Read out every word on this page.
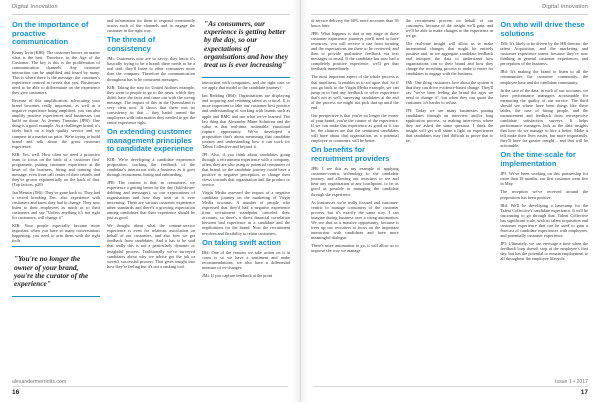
Digital Innovation
On the importance of proactive communication

Kenny Irvin (KIR): The customer knows no matter what is the best. Therefore, in the Age of the Customer. The key is this is the proliferation of communication channels. Any customer interaction can be amplified and heard by many. This is where there is the message: the customer's experience centred in tweets that you. Businesses need to be able to differentiate on the experience they give customers.

Because of this amplification, advocating your brand becomes really important, as well as a negative experience being amplified, you can also amplify positive experiences and businesses can build on those. As Jeremy Timmins (JPR): One thing is a good example. As a challenger brand, it's fairly built on a high quality service and we compete in a market on price. We're trying to build brand and talk about the great customer experience.

KIR: Yes, well. How often we need a proactive team to focus on the back of a 'customer first' programme, putting customer experience at the heart of the business, hiring and training that message, even from call center of their rebirth, and they've grown exponentially on the back of that. (Top factors, p20)

Jan Mensin (JMi): They've gone back to. They had a record breaking Dec. also experience with customers and knew they had to change. They now listen to their employees as much as to their customers and say "Unless anything it's not right for customers, will change it".

KIR: Your people especially become more important when you have so many conversations happening, you need to arm them with the right tools

"You're no longer the owner of your brand, you're the curator of the experience"

and information for them to respond consistently across each of the channels and to engage the customer in the right way.

The thread of consistency

JMi: Customers now are so savvy, they know it's basically trying to be a brand; there needs to be a real trail, they'll listen to other consumers more than the company. Therefore the communication throughout has to be consistent messages.

KIR: Taking the step for United Airlines example, they went to people to go to the news, which they didn't have the facts and came out with the wrong message. The impact of this in the Queensland is very clear now. It shows that there was no consistency in that – they hadn't armed the employees with information they needed to get the entire experience right.

On extending customer management principles to candidate experience

KIR: We're developing a candidate experience proposition, tracking the feedback of the candidate's interaction with a business as it goes through recruitment, hiring and onboarding.

JPR: The content is that, as consumers, we experience a getting better by the day (fold-down-dobbing and messages), so our expectations of organisations and how they treat us is ever increasing. There are various customer experience other standards and there's a growing expectation among candidates that their experience should be just as good.

We thought about what the content-service experience is even for relations association on behalf of our customers, and also how we get feedback from candidates. And it has to be said that really this is not a particularly dynamic or insightful process. Traditionally we've surveyed candidates about why we advise get the job or weren't successful process. That gives insight into how they're feeling but it's not a ranking tool.

"As consumers, our experience is getting better by the day, so our expectations of organisations and how they treat us is ever increasing"

interaction with companies, and the right care so we apply that model to the candidate journey?

Ian Redding (IRd): Organisations are displaying and acquiring and retaining talent as critical. It is more important to take our customer best practice and understanding of working with brands such as apple and BMC and use what we've learned. The last thing that Alexander Mann Solutions and the value is that real-time, actionable, emotional capture opportunity. We've developed a proposition that's about measuring that candidate journey and understanding how it can work for Talent Collective and beyond it.

JPI: Also, if you think about candidates going through a recruitment experience with a company, often, they are also using or potential consumers of that brand, so the candidate journey could have a positive or negative perception, or change their views towards that organisation and the product or service.

Virgin Media assessed the impact of a negative candidate journey on the marketing of Virgin Media accounts. A number of people who expressed that they'd had a negative experience from recruitment standpoint canceled their accounts, so there's a direct financial correlation between bad experience as a candidate and the implications for the brand. Now the recruitment revolves and flexibility to retain customers.

On taking swift action

IRd: One of the reasons we take action on it in cases is so we have a sentiment and make recommendations, we also have a differential measure of ex-changes.

JMi: If you capture feedback at the point

16
alexandermerriotts.com
Digital Innovation

of service delivery the 60% more accounts than 36 hours later.

JPR: What happens is that at any stage in those customer experience journeys you'll need to have resources, you will receive a rise from forming and the expectations are there to be reviewed; and then to provide qualitative feedback via text messages or email. If the candidate has now had a completely positive experience, we'll get that feedback immediately.

The most important aspect of the whole process is that timeliness. It enables us to act upon that. So if you go back to the Virgin Media example, we can jump in to find any feedback to solve experience that's not as well, surveying candidates at the end of the process we might not pick that up until the end.

Our perspective is that you're no longer the owner of your brand, you're the curator of the experience. If we can make that experience as good as it can be, the chances are that the sentiment candidates will have about that organisation, as a potential employee or consumer, will be better.

On benefits for recruitment providers

JPR: I see this as my example of applying customer-centric technology to the candidate journey, and allowing our recruiters to see and hear any organisation at any touchpoint, to be as good as possible in managing the candidate through the experience.

As businesses we're really focused and customer-centric to manage consumers of the customer process, but it's exactly the same way. I can imagine during business over a rising automation. We see that as a massive opportunity, because it frees up our recruiters at focus on the important interaction with candidates and have more meaningful dialogue.

There's more automation to go, it will allow us to improve the way we manage

the recruitment process on behalf of our customers, because of the insight we'll gain, and we'll be able to make changes to the experience as we go.

The real-time insight will allow us to make incremental changes that might be entirely positive and, as we aggregate candidate feedback and interpret the data to understand how organisations can to their brand and how they change the recruiting process to make it easier for candidates to engage with the business.

JMi: One thing customers love about the system is that they can drive evidence-based change. They'll say "we've been feeling the brand the ages we need to change it", but when they can quote the customer, it's harder to refuse.

JPI: Today we see many businesses putting candidates through an interview and/or long application process, or making interviews where they are asked the same question. I think the insight will get will shine a light on experiences that candidates may find difficult to prove that to be.

On who will drive these solutions

JMi: It's likely to be driven by the HR director, the talent Acquisition, and the marketing and customer experience teams, because they've now thinking in general customer experiences, and perceptions of the business.

IRd: It's making the brand to listen to all the communities the customer community, the employee base and the candidate community.

In the case of the data, in each of our accounts, we have performance managers accountable for measuring the quality of our service. The third should see where have been things like these tables, the case of hiring people, and the measurement and feedback from retrospective candidate satisfaction surveys. It helps performance managers look at the data insights that how do we manage to hire a better. Make it tell make their lives easier, but more importantly, they'll have far greater insight – and that will be actionable.

On the time-scale for implementation

JPI: We've been working on this partnership for more than 18 months, our first customer went live in May.

The reception we've received around the proposition has been positive.

IRd: We'll be developing a basecamp for the Talent Collective's candidate experience. It will be fascinating to go through that. Talent Collective has significant scale, with its talent acquisition and customer experience that can be used to gain a forecast of candidate experiences with employees, and potentially customer experience.

JPI: Ultimately, we can envisage a time when the feedback loop doesn't stop at the employee's first day, but has the potential to remain employment to all throughout the employee lifecycle.

Issue 1 • 2017
17
